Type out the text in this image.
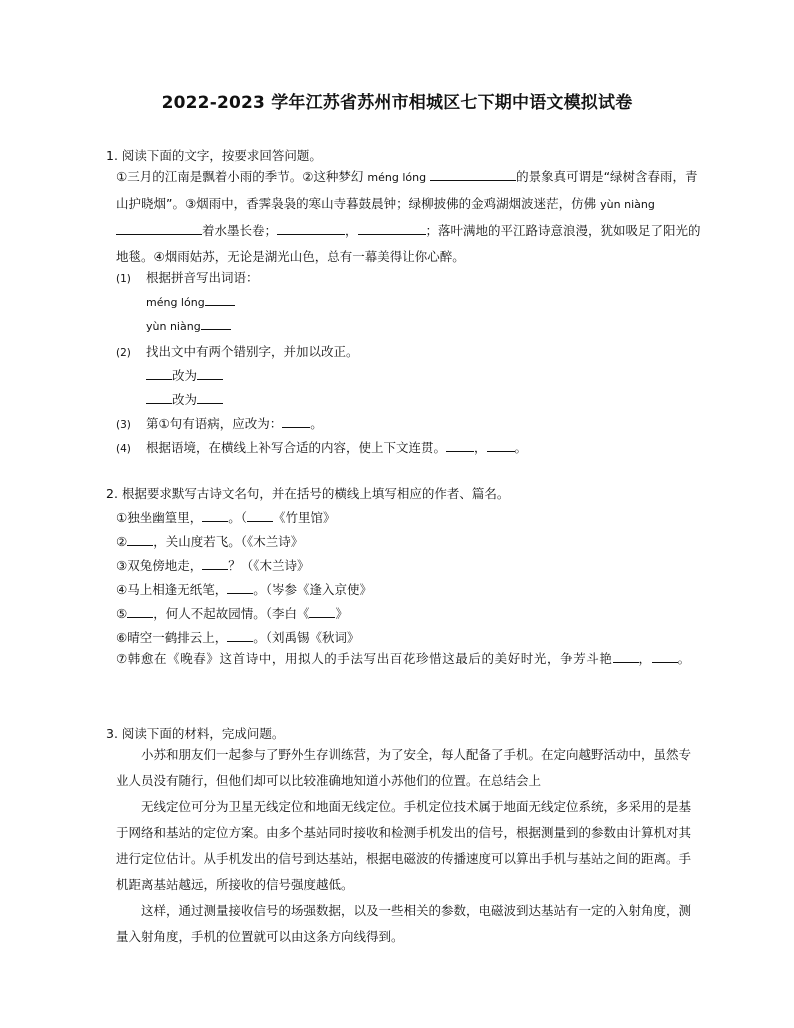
2022-2023 学年江苏省苏州市相城区七下期中语文模拟试卷
1. 阅读下面的文字，按要求回答问题。
①三月的江南是飘着小雨的季节。②这种梦幻 méng lóng	的景象真可谓是“绿树含春雨，青山护晓烟”。③烟雨中，香霁袅袅的寒山寺暮鼓晨钟；绿柳披佛的金鸡湖烟波迷茫，仿佛 yùn niàng着水墨长卷；	，	；落叶满地的平江路诗意浪漫，犹如吸足了阳光的地毯。④烟雨姑苏，无论是湖光山色，总有一幕美得让你心醉。
(1) 根据拼音写出词语：
méng lóng
yùn niàng
(2) 找出文中有两个错别字，并加以改正。
改为
改为
(3) 第①句有语病，应改为： 。
(4) 根据语境，在横线上补写合适的内容，使上下文连贯。 ， 。
2. 根据要求默写古诗文名句，并在括号的横线上填写相应的作者、篇名。
①独坐幽篁里， 。（ 《竹里馆》
② ，关山度若飞。（《木兰诗》
③双兔傍地走， ？（《木兰诗》
④马上相逢无纸笔， 。（岑参《逢入京使》
⑤ ，何人不起故园情。（李白《 》
⑥晴空一鹤排云上， 。（刘禹锡《秋词》
⑦韩愈在《晚春》这首诗中，用拟人的手法写出百花珍惜这最后的美好时光，争芳斗艳 ， 。
3. 阅读下面的材料，完成问题。
小苏和朋友们一起参与了野外生存训练营，为了安全，每人配备了手机。在定向越野活动中，虽然专业人员没有随行，但他们却可以比较准确地知道小苏他们的位置。在总结会上
无线定位可分为卫星无线定位和地面无线定位。手机定位技术属于地面无线定位系统，多采用的是基于网络和基站的定位方案。由多个基站同时接收和检测手机发出的信号，根据测量到的参数由计算机对其进行定位估计。从手机发出的信号到达基站，根据电磁波的传播速度可以算出手机与基站之间的距离。手机距离基站越远，所接收的信号强度越低。
这样，通过测量接收信号的场强数据，以及一些相关的参数，电磁波到达基站有一定的入射角度，测量入射角度，手机的位置就可以由这条方向线得到。
